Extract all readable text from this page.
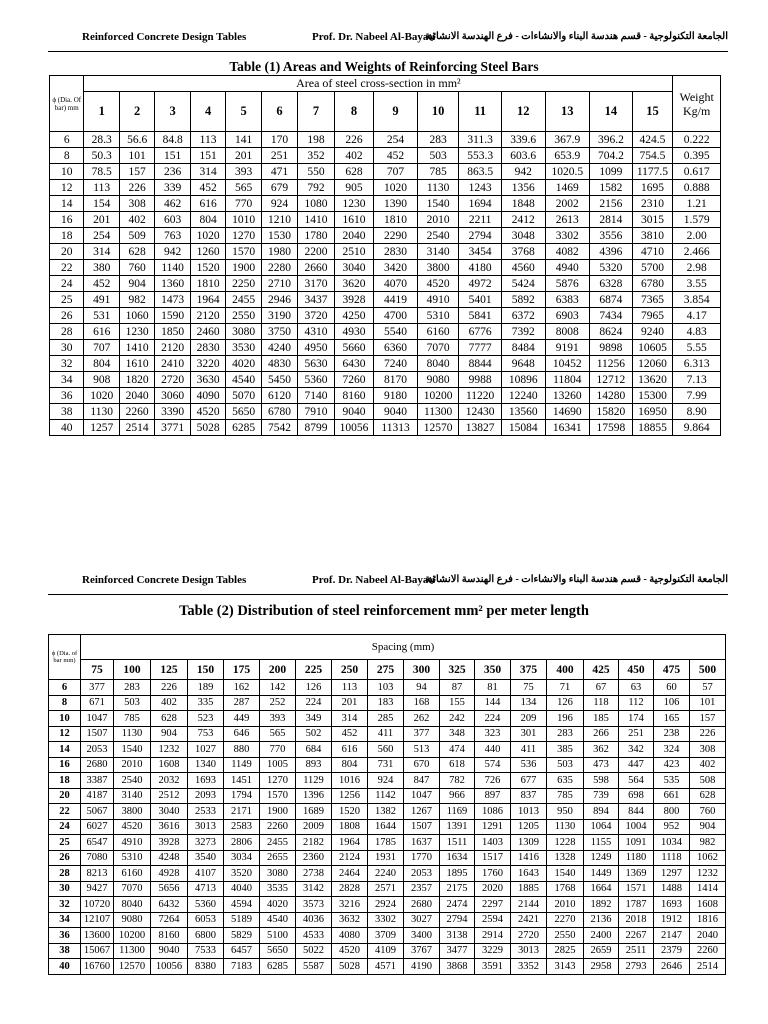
Reinforced Concrete Design Tables	Prof. Dr. Nabeel Al-Bayati
الجامعة التكنولوجية - قسم هندسة البناء والانشاءات - فرع الهندسة الانشائية
Table (1) Areas and Weights of Reinforcing Steel Bars
ϕ (Dia. Of bar) mm	Area of steel cross-section in mm²															Weight Kg/m
	1	2	3	4	5	6	7	8	9	10	11	12	13	14	15	
6	28.3	56.6	84.8	113	141	170	198	226	254	283	311.3	339.6	367.9	396.2	424.5	0.222
8	50.3	101	151	151	201	251	352	402	452	503	553.3	603.6	653.9	704.2	754.5	0.395
10	78.5	157	236	314	393	471	550	628	707	785	863.5	942	1020.5	1099	1177.5	0.617
12	113	226	339	452	565	679	792	905	1020	1130	1243	1356	1469	1582	1695	0.888
14	154	308	462	616	770	924	1080	1230	1390	1540	1694	1848	2002	2156	2310	1.21
16	201	402	603	804	1010	1210	1410	1610	1810	2010	2211	2412	2613	2814	3015	1.579
18	254	509	763	1020	1270	1530	1780	2040	2290	2540	2794	3048	3302	3556	3810	2.00
20	314	628	942	1260	1570	1980	2200	2510	2830	3140	3454	3768	4082	4396	4710	2.466
22	380	760	1140	1520	1900	2280	2660	3040	3420	3800	4180	4560	4940	5320	5700	2.98
24	452	904	1360	1810	2250	2710	3170	3620	4070	4520	4972	5424	5876	6328	6780	3.55
25	491	982	1473	1964	2455	2946	3437	3928	4419	4910	5401	5892	6383	6874	7365	3.854
26	531	1060	1590	2120	2550	3190	3720	4250	4700	5310	5841	6372	6903	7434	7965	4.17
28	616	1230	1850	2460	3080	3750	4310	4930	5540	6160	6776	7392	8008	8624	9240	4.83
30	707	1410	2120	2830	3530	4240	4950	5660	6360	7070	7777	8484	9191	9898	10605	5.55
32	804	1610	2410	3220	4020	4830	5630	6430	7240	8040	8844	9648	10452	11256	12060	6.313
34	908	1820	2720	3630	4540	5450	5360	7260	8170	9080	9988	10896	11804	12712	13620	7.13
36	1020	2040	3060	4090	5070	6120	7140	8160	9180	10200	11220	12240	13260	14280	15300	7.99
38	1130	2260	3390	4520	5650	6780	7910	9040	9040	11300	12430	13560	14690	15820	16950	8.90
40	1257	2514	3771	5028	6285	7542	8799	10056	11313	12570	13827	15084	16341	17598	18855	9.864
Reinforced Concrete Design Tables	Prof. Dr. Nabeel Al-Bayati
الجامعة التكنولوجية - قسم هندسة البناء والانشاءات - فرع الهندسة الانشائية
Table (2) Distribution of steel reinforcement mm² per meter length
ϕ (Dia. of bar mm)	Spacing (mm)																	
	75	100	125	150	175	200	225	250	275	300	325	350	375	400	425	450	475	500
6	377	283	226	189	162	142	126	113	103	94	87	81	75	71	67	63	60	57
8	671	503	402	335	287	252	224	201	183	168	155	144	134	126	118	112	106	101
10	1047	785	628	523	449	393	349	314	285	262	242	224	209	196	185	174	165	157
12	1507	1130	904	753	646	565	502	452	411	377	348	323	301	283	266	251	238	226
14	2053	1540	1232	1027	880	770	684	616	560	513	474	440	411	385	362	342	324	308
16	2680	2010	1608	1340	1149	1005	893	804	731	670	618	574	536	503	473	447	423	402
18	3387	2540	2032	1693	1451	1270	1129	1016	924	847	782	726	677	635	598	564	535	508
20	4187	3140	2512	2093	1794	1570	1396	1256	1142	1047	966	897	837	785	739	698	661	628
22	5067	3800	3040	2533	2171	1900	1689	1520	1382	1267	1169	1086	1013	950	894	844	800	760
24	6027	4520	3616	3013	2583	2260	2009	1808	1644	1507	1391	1291	1205	1130	1064	1004	952	904
25	6547	4910	3928	3273	2806	2455	2182	1964	1785	1637	1511	1403	1309	1228	1155	1091	1034	982
26	7080	5310	4248	3540	3034	2655	2360	2124	1931	1770	1634	1517	1416	1328	1249	1180	1118	1062
28	8213	6160	4928	4107	3520	3080	2738	2464	2240	2053	1895	1760	1643	1540	1449	1369	1297	1232
30	9427	7070	5656	4713	4040	3535	3142	2828	2571	2357	2175	2020	1885	1768	1664	1571	1488	1414
32	10720	8040	6432	5360	4594	4020	3573	3216	2924	2680	2474	2297	2144	2010	1892	1787	1693	1608
34	12107	9080	7264	6053	5189	4540	4036	3632	3302	3027	2794	2594	2421	2270	2136	2018	1912	1816
36	13600	10200	8160	6800	5829	5100	4533	4080	3709	3400	3138	2914	2720	2550	2400	2267	2147	2040
38	15067	11300	9040	7533	6457	5650	5022	4520	4109	3767	3477	3229	3013	2825	2659	2511	2379	2260
40	16760	12570	10056	8380	7183	6285	5587	5028	4571	4190	3868	3591	3352	3143	2958	2793	2646	2514
